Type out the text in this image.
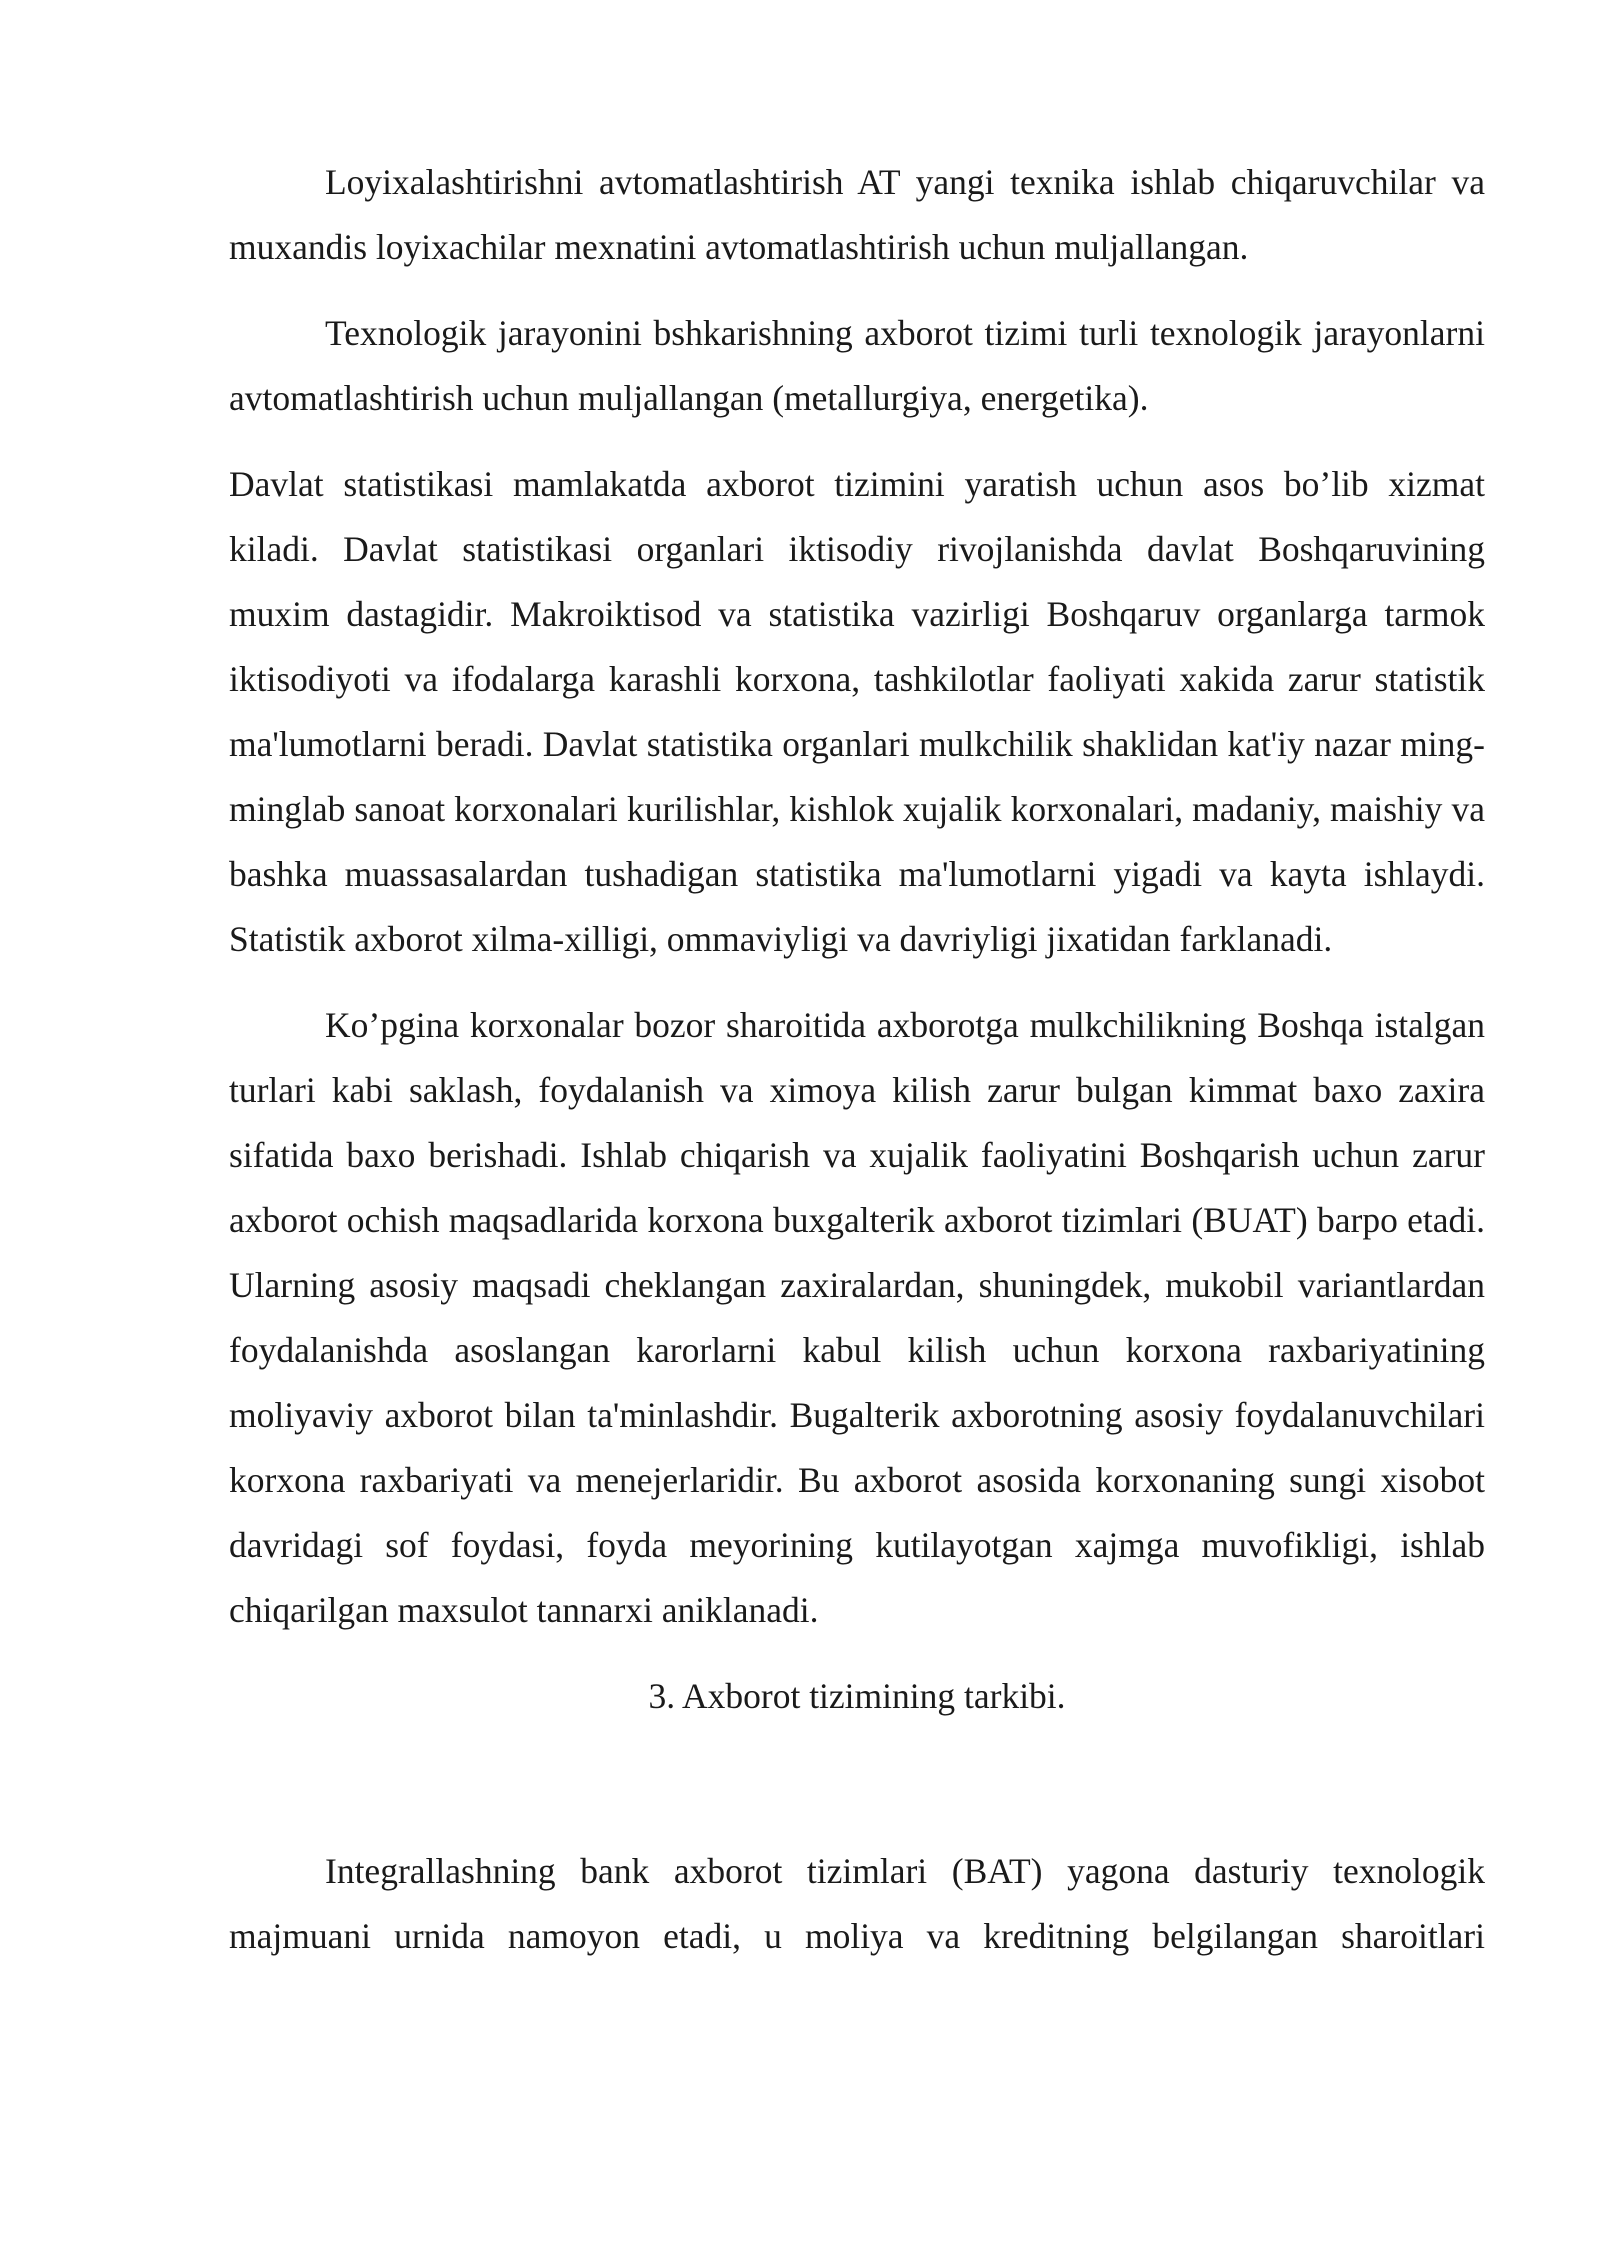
Loyixalashtirishni avtomatlashtirish AT yangi texnika ishlab chiqaruvchilar va muxandis loyixachilar mexnatini avtomatlashtirish uchun muljallangan.

Texnologik jarayonini bshkarishning axborot tizimi turli texnologik jarayonlarni avtomatlashtirish uchun muljallangan (metallurgiya, energetika).

Davlat statistikasi mamlakatda axborot tizimini yaratish uchun asos bo’lib xizmat kiladi. Davlat statistikasi organlari iktisodiy rivojlanishda davlat Boshqaruvining muxim dastagidir. Makroiktisod va statistika vazirligi Boshqaruv organlarga tarmok iktisodiyoti va ifodalarga karashli korxona, tashkilotlar faoliyati xakida zarur statistik ma'lumotlarni beradi. Davlat statistika organlari mulkchilik shaklidan kat'iy nazar ming-minglab sanoat korxonalari kurilishlar, kishlok xujalik korxonalari, madaniy, maishiy va bashka muassasalardan tushadigan statistika ma'lumotlarni yigadi va kayta ishlaydi. Statistik axborot xilma-xilligi, ommaviyligi va davriyligi jixatidan farklanadi.

Ko’pgina korxonalar bozor sharoitida axborotga mulkchilikning Boshqa istalgan turlari kabi saklash, foydalanish va ximoya kilish zarur bulgan kimmat baxo zaxira sifatida baxo berishadi. Ishlab chiqarish va xujalik faoliyatini Boshqarish uchun zarur axborot ochish maqsadlarida korxona buxgalterik axborot tizimlari (BUAT) barpo etadi. Ularning asosiy maqsadi cheklangan zaxiralardan, shuningdek, mukobil variantlardan foydalanishda asoslangan karorlarni kabul kilish uchun korxona raxbariyatining moliyaviy axborot bilan ta'minlashdir. Bugalterik axborotning asosiy foydalanuvchilari korxona raxbariyati va menejerlaridir. Bu axborot asosida korxonaning sungi xisobot davridagi sof foydasi, foyda meyorining kutilayotgan xajmga muvofikligi, ishlab chiqarilgan maxsulot tannarxi aniklanadi.

3. Axborot tizimining tarkibi.

Integrallashning bank axborot tizimlari (BAT) yagona dasturiy texnologik majmuani urnida namoyon etadi, u moliya va kreditning belgilangan sharoitlari
